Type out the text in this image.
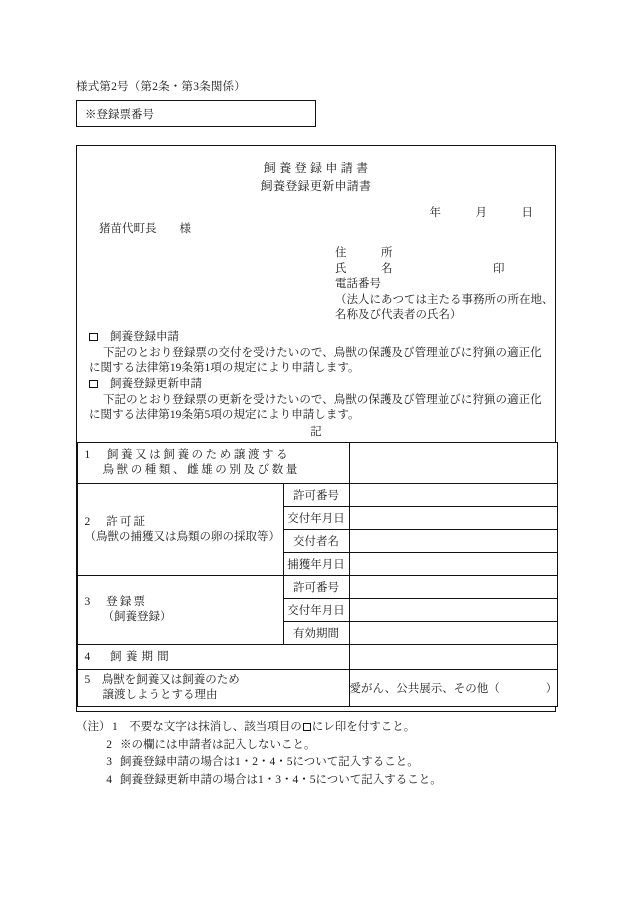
様式第2号（第2条・第3条関係）
※登録票番号
飼養登録申請書
飼養登録更新申請書
年　　　月　　　日
猪苗代町長　　様
住　　　所
氏　　　名	印
電話番号
（法人にあつては主たる事務所の所在地、
名称及び代表者の氏名）
　飼養登録申請
下記のとおり登録票の交付を受けたいので、鳥獣の保護及び管理並びに狩猟の適正化
に関する法律第19条第1項の規定により申請します。
　飼養登録更新申請
下記のとおり登録票の更新を受けたいので、鳥獣の保護及び管理並びに狩猟の適正化
に関する法律第19条第5項の規定により申請します。
記
1　飼養又は飼養のため譲渡する
鳥獣の種類、雌雄の別及び数量		

2　許可証
（鳥獣の捕獲又は鳥類の卵の採取等）	許可番号	
	交付年月日	
	交付者名	
	捕獲年月日	

3　登録票
（飼養登録）	許可番号	
	交付年月日	
	有効期間	

4　飼養期間		

5　鳥獣を飼養又は飼養のため
譲渡しようとする理由		愛がん、公共展示、その他（　　　　）
（注） 1　 不要な文字は抹消し、該当項目の にレ印を付すこと。
2 ※の欄には申請者は記入しないこと。
3 飼養登録申請の場合は1・2・4・5について記入すること。
4 飼養登録更新申請の場合は1・3・4・5について記入すること。
